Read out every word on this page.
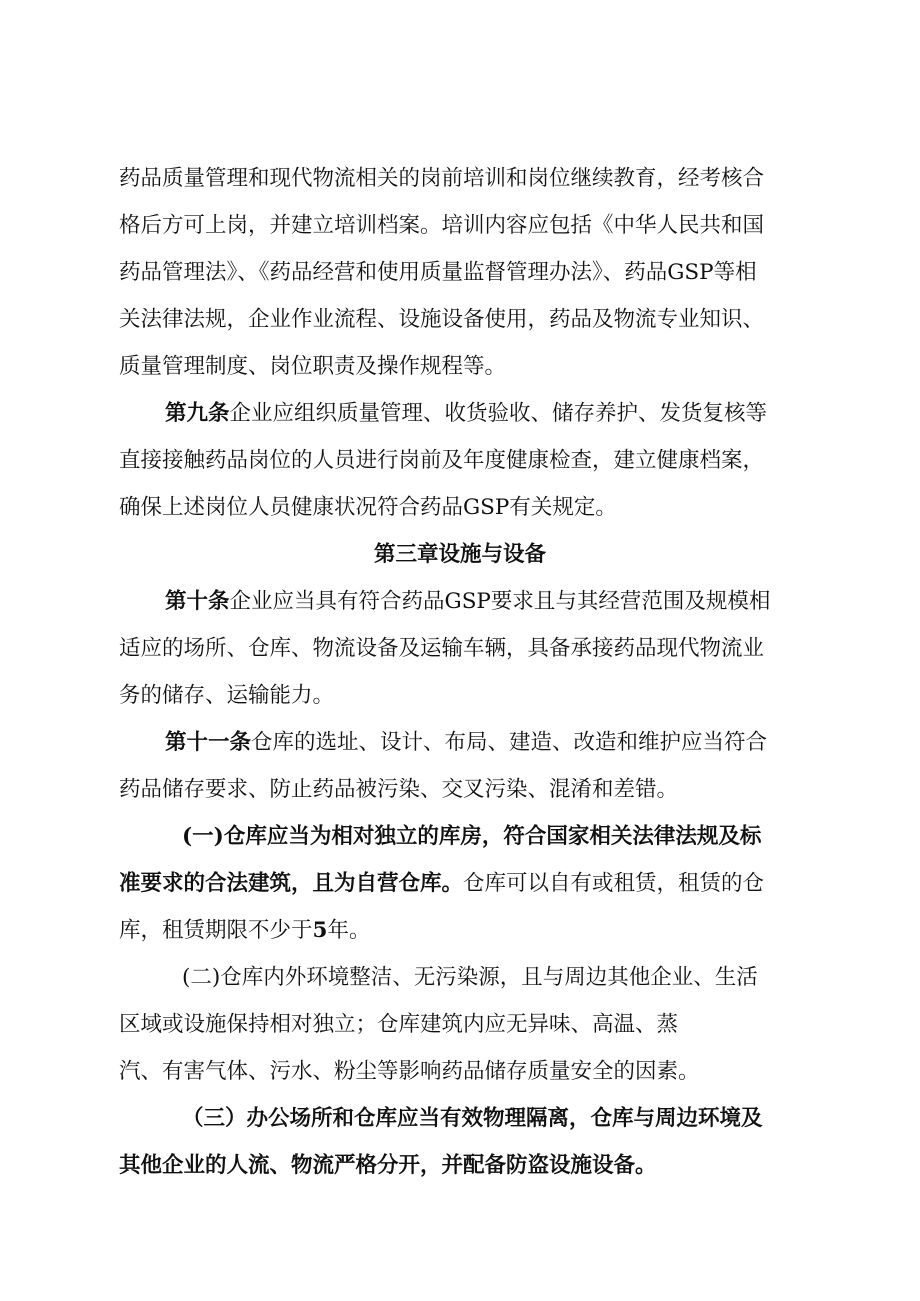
药品质量管理和现代物流相关的岗前培训和岗位继续教育，经考核合
格后方可上岗，并建立培训档案。培训内容应包括《中华人民共和国
药品管理法》、《药品经营和使用质量监督管理办法》、药品GSP等相
关法律法规，企业作业流程、设施设备使用，药品及物流专业知识、
质量管理制度、岗位职责及操作规程等。
第九条企业应组织质量管理、收货验收、储存养护、发货复核等
直接接触药品岗位的人员进行岗前及年度健康检查，建立健康档案，
确保上述岗位人员健康状况符合药品GSP有关规定。
第三章设施与设备
第十条企业应当具有符合药品GSP要求且与其经营范围及规模相
适应的场所、仓库、物流设备及运输车辆，具备承接药品现代物流业
务的储存、运输能力。
第十一条仓库的选址、设计、布局、建造、改造和维护应当符合
药品储存要求、防止药品被污染、交叉污染、混淆和差错。
(一)仓库应当为相对独立的库房，符合国家相关法律法规及标
准要求的合法建筑，且为自营仓库。仓库可以自有或租赁，租赁的仓
库，租赁期限不少于5年。
(二)仓库内外环境整洁、无污染源，且与周边其他企业、生活
区域或设施保持相对独立；仓库建筑内应无异味、高温、蒸
汽、有害气体、污水、粉尘等影响药品储存质量安全的因素。
（三）办公场所和仓库应当有效物理隔离，仓库与周边环境及
其他企业的人流、物流严格分开，并配备防盗设施设备。
